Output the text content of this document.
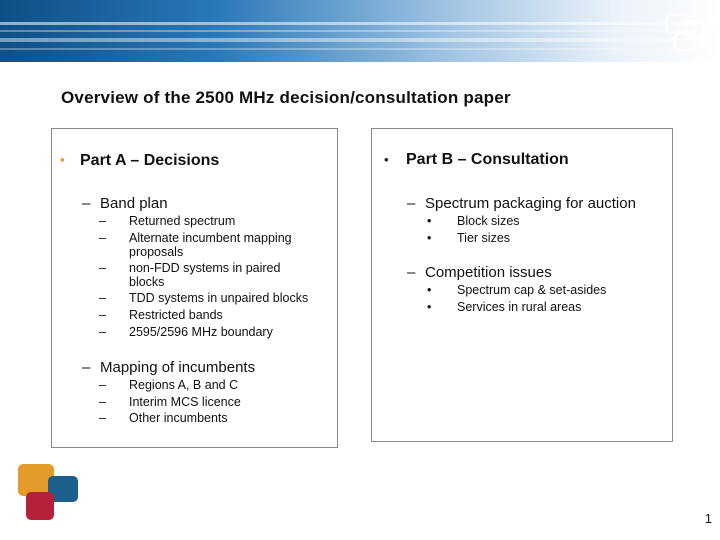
Overview of the 2500 MHz decision/consultation paper
▪ Part A – Decisions
– Band plan
– Returned spectrum
– Alternate incumbent mapping proposals
– non-FDD systems in paired blocks
– TDD systems in unpaired blocks
– Restricted bands
– 2595/2596 MHz boundary
– Mapping of incumbents
– Regions A, B and C
– Interim MCS licence
– Other incumbents
• Part B – Consultation
– Spectrum packaging for auction
• Block sizes
• Tier sizes
– Competition issues
• Spectrum cap & set-asides
• Services in rural areas
1
